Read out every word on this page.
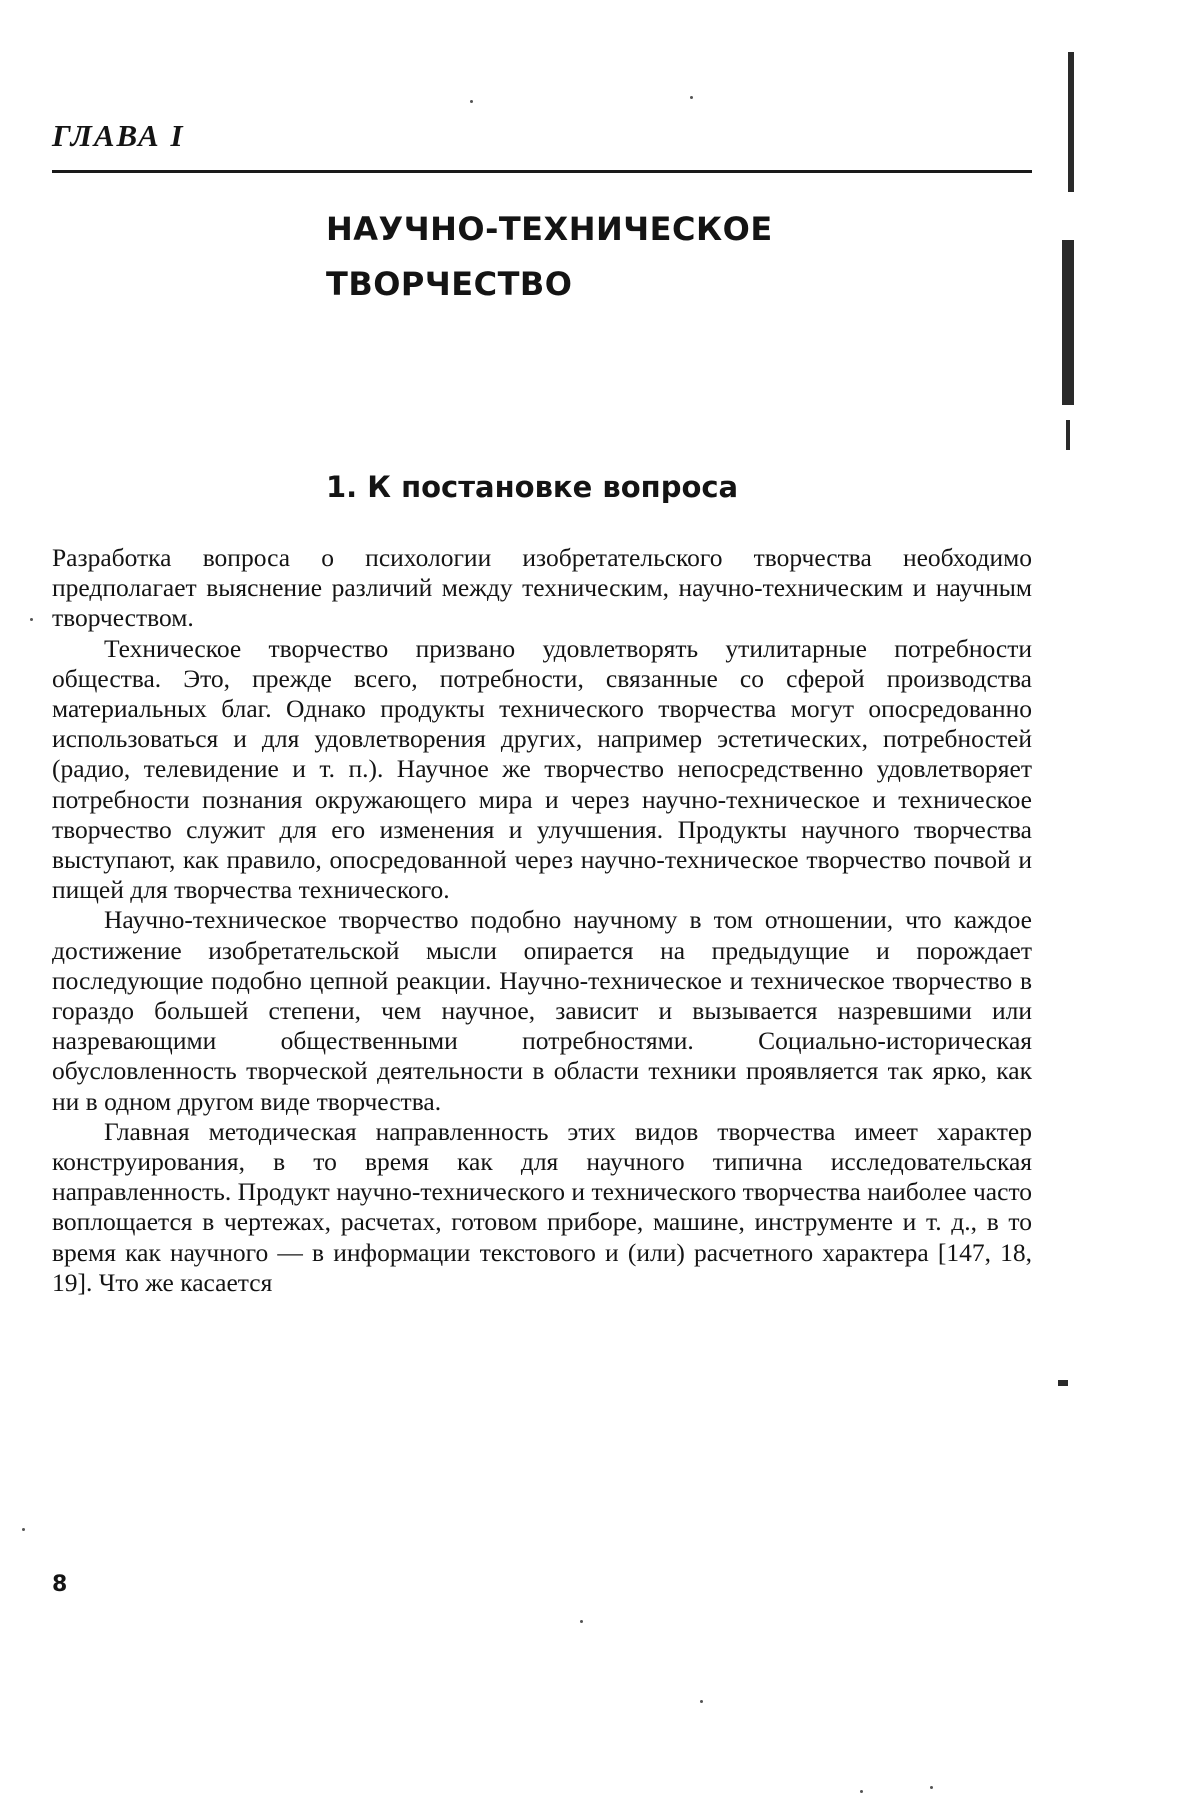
ГЛАВА I
НАУЧНО-ТЕХНИЧЕСКОЕ
ТВОРЧЕСТВО
1. К постановке вопроса

Разработка вопроса о психологии изобретательского творчества необходимо предполагает выяснение различий между техническим, научно-техническим и научным творчеством.

Техническое творчество призвано удовлетворять утилитарные потребности общества. Это, прежде всего, потребности, связанные со сферой производства материальных благ. Однако продукты технического творчества могут опосредованно использоваться и для удовлетворения других, например эстетических, потребностей (радио, телевидение и т. п.). Научное же творчество непосредственно удовлетворяет потребности познания окружающего мира и через научно-техническое и техническое творчество служит для его изменения и улучшения. Продукты научного творчества выступают, как правило, опосредованной через научно-техническое творчество почвой и пищей для творчества технического.

Научно-техническое творчество подобно научному в том отношении, что каждое достижение изобретательской мысли опирается на предыдущие и порождает последующие подобно цепной реакции. Научно-техническое и техническое творчество в гораздо большей степени, чем научное, зависит и вызывается назревшими или назревающими общественными потребностями. Социально-историческая обусловленность творческой деятельности в области техники проявляется так ярко, как ни в одном другом виде творчества.

Главная методическая направленность этих видов творчества имеет характер конструирования, в то время как для научного типична исследовательская направленность. Продукт научно-технического и технического творчества наиболее часто воплощается в чертежах, расчетах, готовом приборе, машине, инструменте и т. д., в то время как научного — в информации текстового и (или) расчетного характера [147, 18, 19]. Что же касается

8
